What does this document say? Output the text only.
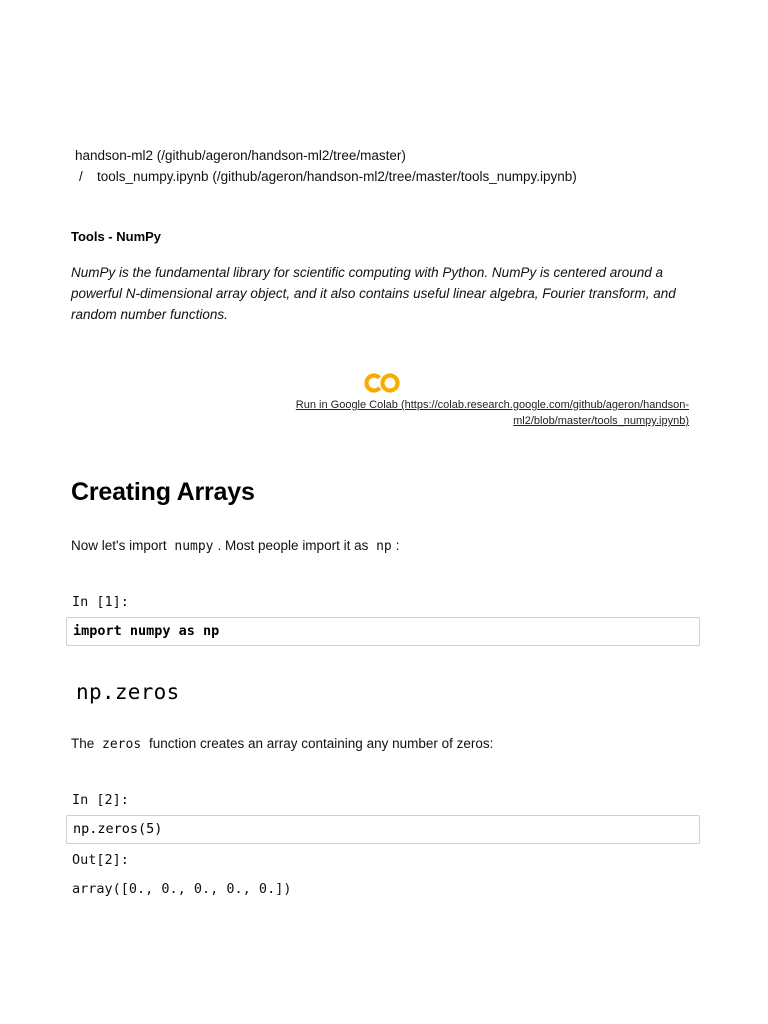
handson-ml2 (/github/ageron/handson-ml2/tree/master)
/ tools_numpy.ipynb (/github/ageron/handson-ml2/tree/master/tools_numpy.ipynb)
Tools - NumPy

NumPy is the fundamental library for scientific computing with Python. NumPy is centered around a powerful N-dimensional array object, and it also contains useful linear algebra, Fourier transform, and random number functions.

Run in Google Colab (https://colab.research.google.com/github/ageron/handson-
ml2/blob/master/tools_numpy.ipynb)
Creating Arrays

Now let's import numpy . Most people import it as np :

In [1]:
import numpy as np
np.zeros

The zeros function creates an array containing any number of zeros:

In [2]:
np.zeros(5)
Out[2]:
array([0., 0., 0., 0., 0.])
